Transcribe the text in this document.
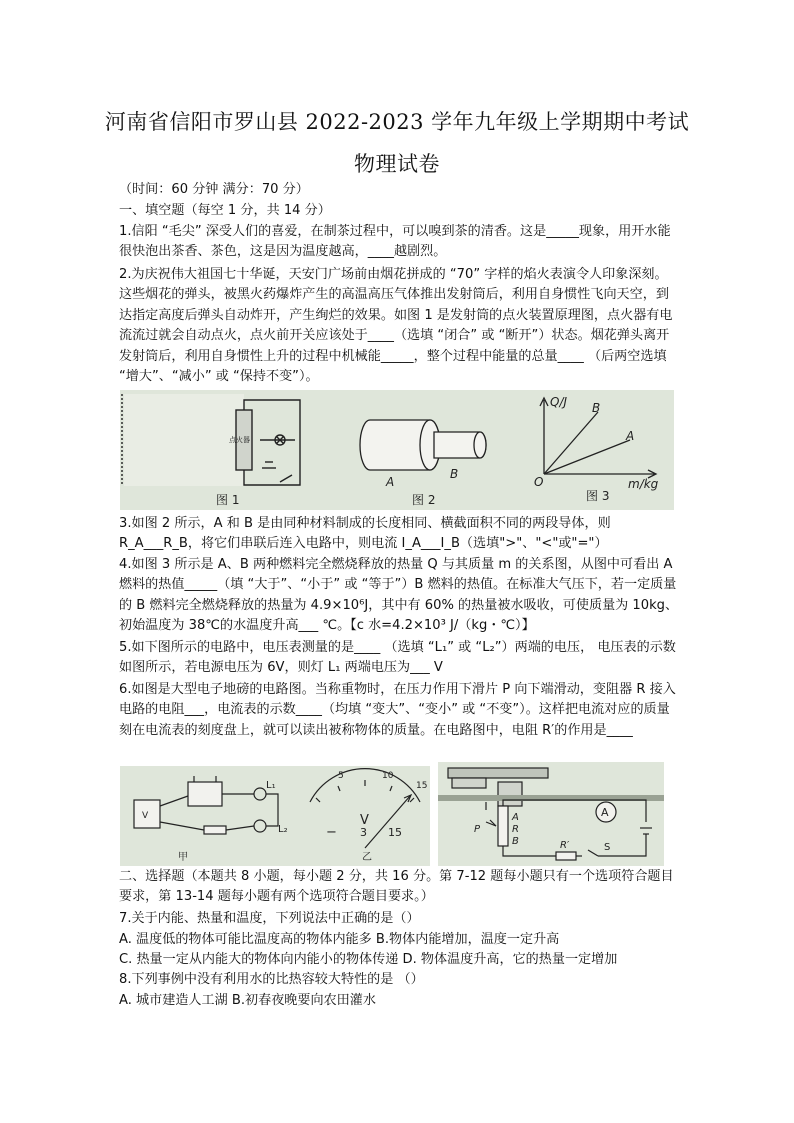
河南省信阳市罗山县 2022-2023 学年九年级上学期期中考试
物理试卷
（时间：60 分钟 满分：70 分）
一、填空题（每空 1 分，共 14 分）
1.信阳 “毛尖” 深受人们的喜爱，在制茶过程中，可以嗅到茶的清香。这是_____现象，用开水能很快泡出茶香、茶色，这是因为温度越高，____越剧烈。
2.为庆祝伟大祖国七十华诞，天安门广场前由烟花拼成的 “70” 字样的焰火表演令人印象深刻。这些烟花的弹头，被黑火药爆炸产生的高温高压气体推出发射筒后，利用自身惯性飞向天空，到达指定高度后弹头自动炸开，产生绚烂的效果。如图 1 是发射筒的点火装置原理图，点火器有电流流过就会自动点火，点火前开关应该处于____（选填 “闭合” 或 “断开”）状态。烟花弹头离开发射筒后，利用自身惯性上升的过程中机械能_____，整个过程中能量的总量____ （后两空选填 “增大”、“减小” 或 “保持不变”）。
点火器
图 1
A
B
图 2
Q/J
m/kg
O
B
A
图 3
3.如图 2 所示，A 和 B 是由同种材料制成的长度相同、横截面积不同的两段导体，则
R_A___R_B，将它们串联后连入电路中，则电流 I_A___I_B（选填">"、"<"或"="）
4.如图 3 所示是 A、B 两种燃料完全燃烧释放的热量 Q 与其质量 m 的关系图，从图中可看出 A 燃料的热值_____（填 “大于”、“小于” 或 “等于”）B 燃料的热值。在标准大气压下，若一定质量的 B 燃料完全燃烧释放的热量为 4.9×10⁶J，其中有 60% 的热量被水吸收，可使质量为 10kg、初始温度为 38℃的水温度升高___ ℃。【c 水=4.2×10³ J/（kg・℃）】
5.如下图所示的电路中，电压表测量的是____ （选填 “L₁” 或 “L₂”）两端的电压， 电压表的示数如图所示，若电源电压为 6V，则灯 L₁ 两端电压为___ V
6.如图是大型电子地磅的电路图。当称重物时，在压力作用下滑片 P 向下端滑动，变阻器 R 接入电路的电阻___，电流表的示数____（均填 “变大”、“变小” 或 “不变”）。这样把电流对应的质量刻在电流表的刻度盘上，就可以读出被称物体的质量。在电路图中，电阻 R′的作用是____
V
L₁
L₂
甲
5	10
15
V
− 3 15
乙
A
P
A
R
B	R′	S
二、选择题（本题共 8 小题，每小题 2 分，共 16 分。第 7-12 题每小题只有一个选项符合题目要求，第 13-14 题每小题有两个选项符合题目要求。）
7.关于内能、热量和温度，下列说法中正确的是（）
A. 温度低的物体可能比温度高的物体内能多 B.物体内能增加，温度一定升高
C. 热量一定从内能大的物体向内能小的物体传递 D. 物体温度升高，它的热量一定增加
8.下列事例中没有利用水的比热容较大特性的是 （）
A. 城市建造人工湖 B.初春夜晚要向农田灌水
